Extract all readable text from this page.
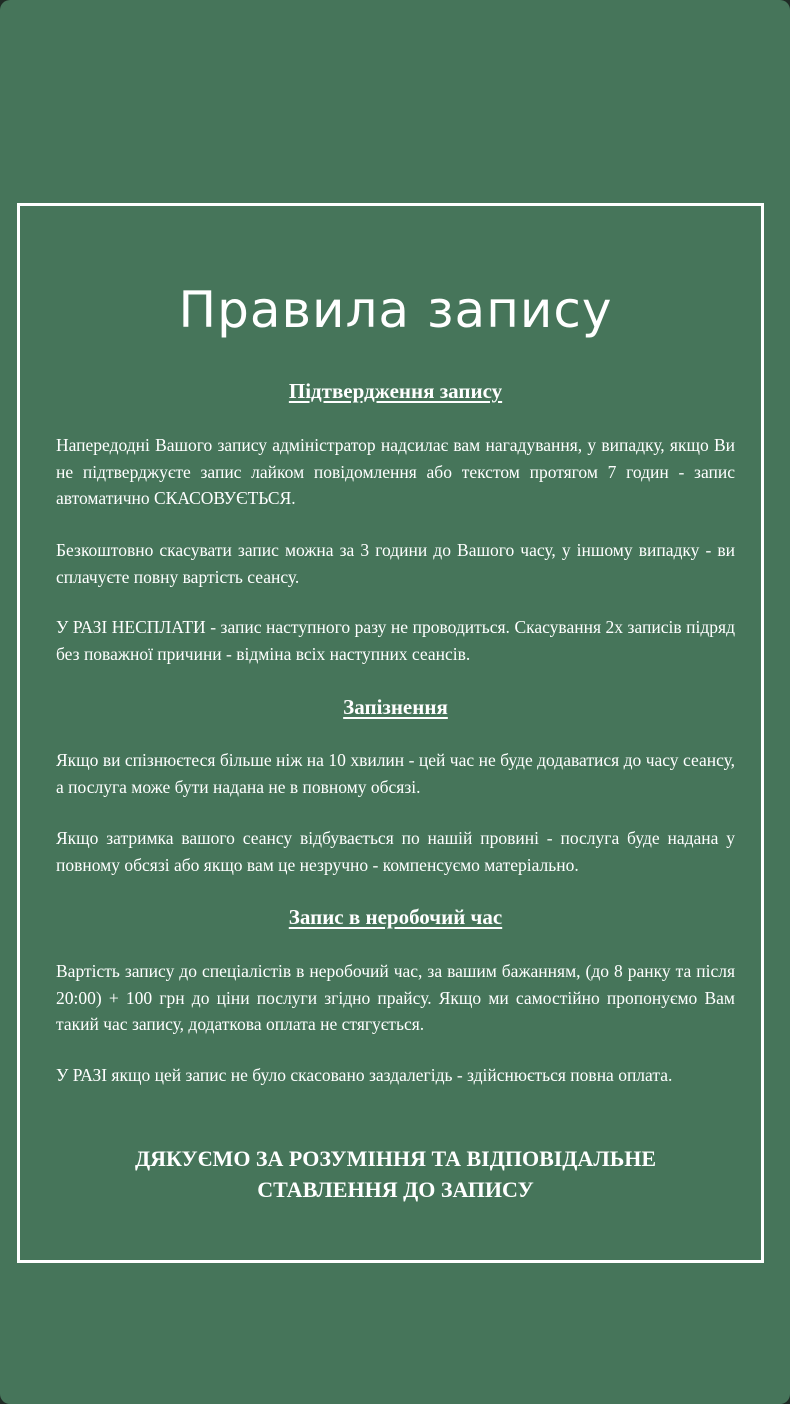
Правила запису
Підтвердження запису

Напередодні Вашого запису адміністратор надсилає вам нагадування, у випадку, якщо Ви не підтверджуєте запис лайком повідомлення або текстом протягом 7 годин - запис автоматично СКАСОВУЄТЬСЯ.

Безкоштовно скасувати запис можна за 3 години до Вашого часу, у іншому випадку - ви сплачуєте повну вартість сеансу.

У РАЗІ НЕСПЛАТИ - запис наступного разу не проводиться. Скасування 2х записів підряд без поважної причини - відміна всіх наступних сеансів.

Запізнення

Якщо ви спізнюєтеся більше ніж на 10 хвилин - цей час не буде додаватися до часу сеансу, а послуга може бути надана не в повному обсязі.

Якщо затримка вашого сеансу відбувається по нашій провині - послуга буде надана у повному обсязі або якщо вам це незручно - компенсуємо матеріально.

Запис в неробочий час

Вартість запису до спеціалістів в неробочий час, за вашим бажанням, (до 8 ранку та після 20:00) + 100 грн до ціни послуги згідно прайсу. Якщо ми самостійно пропонуємо Вам такий час запису, додаткова оплата не стягується.

У РАЗІ якщо цей запис не було скасовано заздалегідь - здійснюється повна оплата.

ДЯКУЄМО ЗА РОЗУМІННЯ ТА ВІДПОВІДАЛЬНЕ
СТАВЛЕННЯ ДО ЗАПИСУ
